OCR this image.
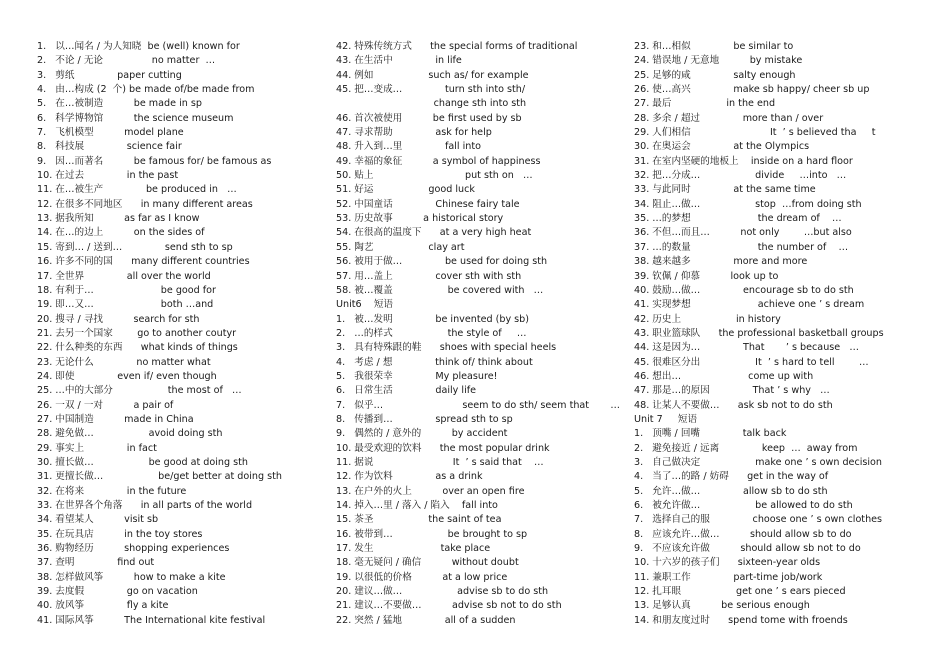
1.   以…闻名 / 为人知晓  be (well) known for
2.   不论 / 无论                no matter  …
3.   剪纸              paper cutting
4.   由…构成 (2  个) be made of/be made from
5.   在…被制造          be made in sp
6.   科学博物馆          the science museum
7.   飞机模型          model plane
8.   科技展              science fair
9.   因…而著名          be famous for/ be famous as
10. 在过去              in the past
11. 在…被生产              be produced in   …
12. 在很多不同地区      in many different areas
13. 据我所知          as far as I know
14. 在…的边上          on the sides of
15. 寄到… / 送到…              send sth to sp
16. 许多不同的国      many different countries
17. 全世界              all over the world
18. 有利于…                      be good for
19. 即…又…                      both …and
20. 搜寻 / 寻找          search for sth
21. 去另一个国家        go to another coutyr
22. 什么种类的东西      what kinds of things
23. 无论什么              no matter what
24. 即使              even if/ even though
25. …中的大部分                  the most of   …
26. 一双 / 一对          a pair of
27. 中国制造          made in China
28. 避免做…                  avoid doing sth
29. 事实上              in fact
30. 擅长做…                  be good at doing sth
31. 更擅长做…                  be/get better at doing sth
32. 在将来              in the future
33. 在世界各个角落      in all parts of the world
34. 看望某人          visit sb
35. 在玩具店          in the toy stores
36. 购物经历          shopping experiences
37. 查明              find out
38. 怎样做风筝          how to make a kite
39. 去度假              go on vacation
40. 放风筝              fly a kite
41. 国际风筝          The International kite festival
42. 特殊传统方式      the special forms of traditional
43. 在生活中              in life
44. 例如                  such as/ for example
45. 把…变成…              turn sth into sth/
change sth into sth
46. 首次被使用          be first used by sb
47. 寻求帮助              ask for help
48. 升入到…里              fall into
49. 幸福的象征          a symbol of happiness
50. 贴上                              put sth on   …
51. 好运                  good luck
52. 中国童话              Chinese fairy tale
53. 历史故事          a historical story
54. 在很高的温度下      at a very high heat
55. 陶艺                  clay art
56. 被用于做…              be used for doing sth
57. 用…盖上              cover sth with sth
58. 被…覆盖                  be covered with   …
Unit6    短语
1.   被…发明              be invented (by sb)
2.   …的样式                  the style of     …
3.   具有特殊跟的鞋      shoes with special heels
4.   考虑 / 想              think of/ think about
5.   我很荣幸              My pleasure!
6.   日常生活              daily life
7.   似乎…                          seem to do sth/ seem that       …
8.   传播到…              spread sth to sp
9.   偶然的 / 意外的          by accident
10. 最受欢迎的饮料      the most popular drink
11. 据说                          It  ’ s said that    …
12. 作为饮料              as a drink
13. 在户外的火上          over an open fire
14. 掉入…里 / 落入 / 陷入    fall into
15. 茶圣                  the saint of tea
16. 被带到…                  be brought to sp
17. 发生                      take place
18. 毫无疑问 / 确信          without doubt
19. 以很低的价格          at a low price
20. 建议…做…                  advise sb to do sth
21. 建议…不要做…          advise sb not to do sth
22. 突然 / 猛地              all of a sudden
23. 和…相似              be similar to
24. 错误地 / 无意地          by mistake
25. 足够的咸              salty enough
26. 使…高兴              make sb happy/ cheer sb up
27. 最后                  in the end
28. 多余 / 超过              more than / over
29. 人们相信                          It  ’ s believed tha     t
30. 在奥运会              at the Olympics
31. 在室内坚硬的地板上    inside on a hard floor
32. 把…分成…                  divide     …into   …
33. 与此同时              at the same time
34. 阻止…做…                  stop  …from doing sth
35. …的梦想                      the dream of    …
36. 不但…而且…          not only        …but also
37. …的数量                      the number of    …
38. 越来越多              more and more
39. 钦佩 / 仰慕          look up to
40. 鼓励…做…              encourage sb to do sth
41. 实现梦想                      achieve one ’ s dream
42. 历史上                  in history
43. 职业篮球队      the professional basketball groups
44. 这是因为…              That       ’ s because   …
45. 很难区分出                  It  ’ s hard to tell        …
46. 想出…                      come up with
47. 那是…的原因              That ’ s why   …
48. 让某人不要做…      ask sb not to do sth
Unit 7     短语
1.   顶嘴 / 回嘴              talk back
2.   避免接近 / 远离              keep  …  away from
3.   自己做决定                  make one ’ s own decision
4.   当了…的路 / 妨碍      get in the way of
5.   允许…做…              allow sb to do sth
6.   被允许做…                  be allowed to do sth
7.   选择自己的服              choose one ’ s own clothes
8.   应该允许…做…          should allow sb to do
9.   不应该允许做          should allow sb not to do
10. 十六岁的孩子们      sixteen-year olds
11. 兼职工作              part-time job/work
12. 扎耳眼                  get one ’ s ears pieced
13. 足够认真          be serious enough
14. 和朋友度过时      spend tome with froends
